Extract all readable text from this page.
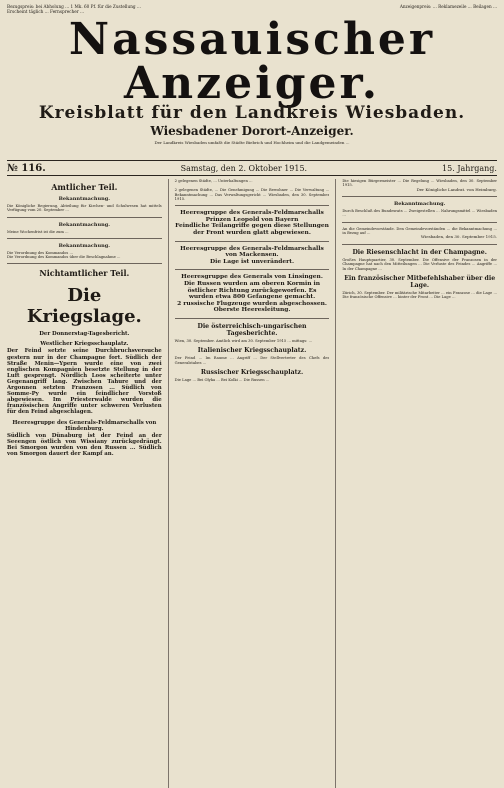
Bezugspreis: bei Abholung ... 1 Mk. 60 Pf. für die Zustellung ... Erscheint täglich ... Fernsprecher ...
Anzeigenpreis: ... Reklamezeile ... Beilagen ...
Nassauischer Anzeiger.
Kreisblatt für den Landkreis Wiesbaden.
Wiesbadener Dorort-Anzeiger.
Der Landkreis Wiesbaden umfaßt die Städte Biebrich und Hochheim und die Landgemeinden ...
№ 116.	Samstag, den 2. Oktober 1915.	15. Jahrgang.
Amtlicher Teil.
Bekanntmachung.
Die Königliche Regierung, Abteilung für Kirchen- und Schulwesen hat mittels Verfügung vom 20. September ...
Bekanntmachung.
Meine Wochenfrist ist die zum ...
Bekanntmachung.
Die Verordnung des Kommandos ...
Die Verordnung des Kommandos über die Beschlagnahme ...
Nichtamtlicher Teil.
Die Kriegslage.
Der Donnerstag-Tagesbericht.
Westlicher Kriegsschauplatz.
Der Feind setzte seine Durchbruchsversuche gestern nur in der Champagne fort. Südlich der Straße Menin—Ypern wurde eine von zwei englischen Kompagnien besetzte Stellung in der Luft gesprengt. Nördlich Loos scheiterte unter Gegenangriff lang. Zwischen Tahure und der Argonnen setzten Franzosen ... Südlich von Somme-Py wurde ein feindlicher Vorstoß abgewiesen. Im Priesterwalde wurden die französischen Angriffe unter schweren Verlusten für den Feind abgeschlagen.
Heeresgruppe des Generals-Feldmarschalls von Hindenburg.
Südlich von Dünaburg ist der Feind an der Seeengen östlich von Wissiany zurückgedrängt. Bei Smorgon wurden von den Russen ... Südlich von Smorgon dauert der Kampf an.
2 gelegenen Städte, ... Unterhaltungen ...
2 gelegenen Städte, ... Die Genehmigung ... Die Bewohner ... Die Verwaltung ... Bekanntmachung ... Das Verwaltungsgericht ... Wiesbaden, den 30. September 1915.
Heeresgruppe des Generals-Feldmarschalls Prinzen Leopold von Bayern
Feindliche Teilangriffe gegen diese Stellungen der Front wurden glatt abgewiesen.
Heeresgruppe des Generals-Feldmarschalls von Mackensen.
Die Lage ist unverändert.
Heeresgruppe des Generals von Linsingen.
Die Russen wurden am oberen Kormin in östlicher Richtung zurückgeworfen. Es wurden etwa 800 Gefangene gemacht.
2 russische Flugzeuge wurden abgeschossen.
Oberste Heeresleitung.
Die österreichisch-ungarischen Tagesberichte.
Wien, 30. September. Amtlich wird am 30. September 1915 ... mittags: ...
Italienischer Kriegsschauplatz.
Der Feind ... Im Raume ... Angriff ... Der Stellvertreter des Chefs des Generalstabes ...
Russischer Kriegsschauplatz.
Die Lage ... Bei Olyka ... Bei Kolki ... Die Russen ...
Die hiesigen Bürgermeister ... Die Regelung ... Wiesbaden, den 30. September 1915.
Der Königliche Landrat. von Heimburg.
Bekanntmachung.
Durch Beschluß des Bundesrats ... Zweigestellen ... Nahrungsmittel ... Wiesbaden ...
An die Gemeindevorstände. Den Gemeindevorständen ... die Bekanntmachung ... in Bezug auf ...
Wiesbaden, den 30. September 1915.
Die Riesenschlacht in der Champagne.
Großes Hauptquartier, 30. September. Die Offensive der Franzosen in der Champagne hat nach den Mitteilungen ... Die Verluste des Feindes ... Angriffe ... In der Champagne ...
Ein französischer Mitbefehlshaber über die Lage.
Zürich, 30. September. Der militärische Mitarbeiter ... ein Franzose ... die Lage ... Die französische Offensive ... hinter der Front ... Die Lage ...
